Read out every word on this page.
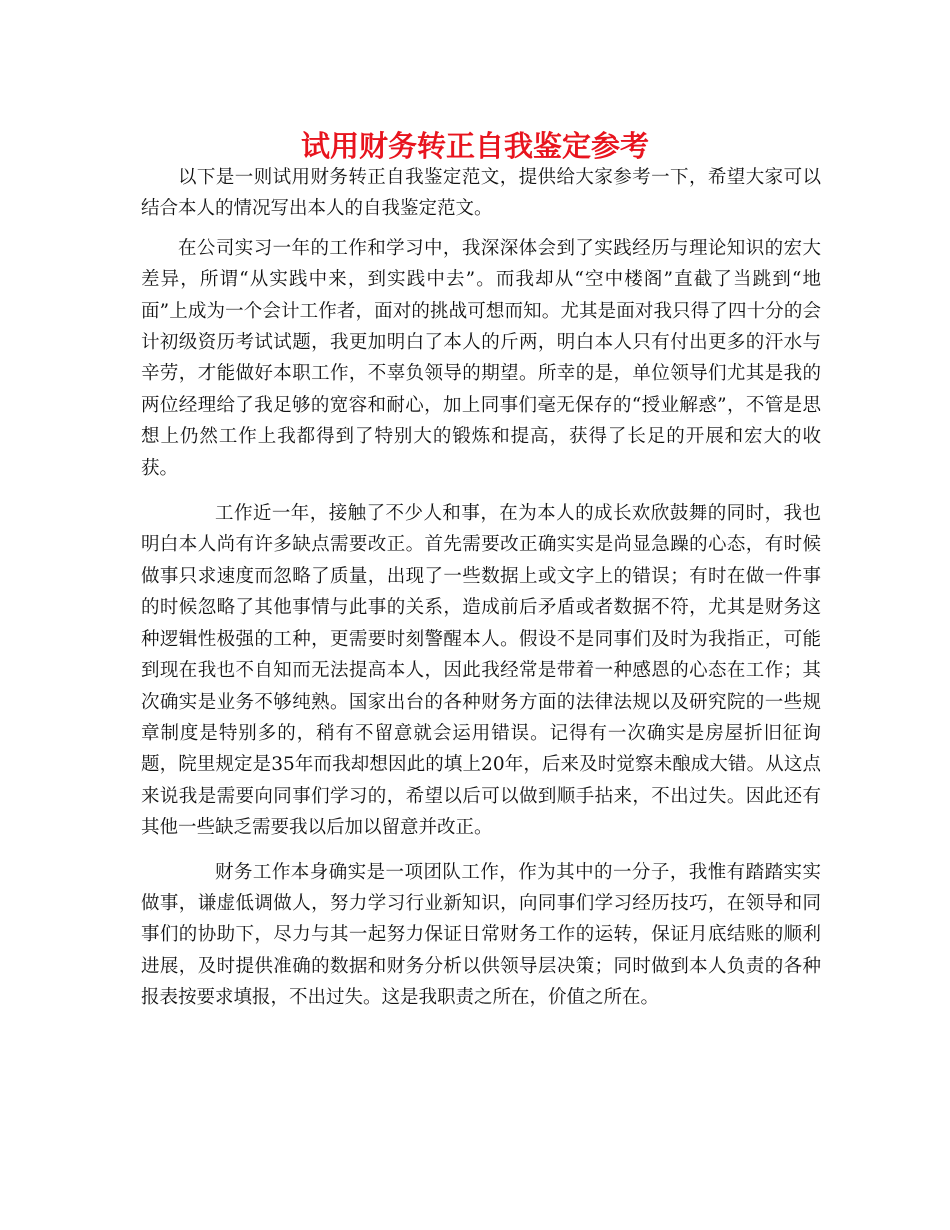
试用财务转正自我鉴定参考

以下是一则试用财务转正自我鉴定范文，提供给大家参考一下，希望大家可以结合本人的情况写出本人的自我鉴定范文。

在公司实习一年的工作和学习中，我深深体会到了实践经历与理论知识的宏大差异，所谓“从实践中来，到实践中去”。而我却从“空中楼阁”直截了当跳到“地面”上成为一个会计工作者，面对的挑战可想而知。尤其是面对我只得了四十分的会计初级资历考试试题，我更加明白了本人的斤两，明白本人只有付出更多的汗水与辛劳，才能做好本职工作，不辜负领导的期望。所幸的是，单位领导们尤其是我的两位经理给了我足够的宽容和耐心，加上同事们毫无保存的“授业解惑”，不管是思想上仍然工作上我都得到了特别大的锻炼和提高，获得了长足的开展和宏大的收获。

工作近一年，接触了不少人和事，在为本人的成长欢欣鼓舞的同时，我也明白本人尚有许多缺点需要改正。首先需要改正确实实是尚显急躁的心态，有时候做事只求速度而忽略了质量，出现了一些数据上或文字上的错误；有时在做一件事的时候忽略了其他事情与此事的关系，造成前后矛盾或者数据不符，尤其是财务这种逻辑性极强的工种，更需要时刻警醒本人。假设不是同事们及时为我指正，可能到现在我也不自知而无法提高本人，因此我经常是带着一种感恩的心态在工作；其次确实是业务不够纯熟。国家出台的各种财务方面的法律法规以及研究院的一些规章制度是特别多的，稍有不留意就会运用错误。记得有一次确实是房屋折旧征询题，院里规定是35年而我却想因此的填上20年，后来及时觉察未酿成大错。从这点来说我是需要向同事们学习的，希望以后可以做到顺手拈来，不出过失。因此还有其他一些缺乏需要我以后加以留意并改正。

财务工作本身确实是一项团队工作，作为其中的一分子，我惟有踏踏实实做事，谦虚低调做人，努力学习行业新知识，向同事们学习经历技巧，在领导和同事们的协助下，尽力与其一起努力保证日常财务工作的运转，保证月底结账的顺利进展，及时提供准确的数据和财务分析以供领导层决策；同时做到本人负责的各种报表按要求填报，不出过失。这是我职责之所在，价值之所在。
